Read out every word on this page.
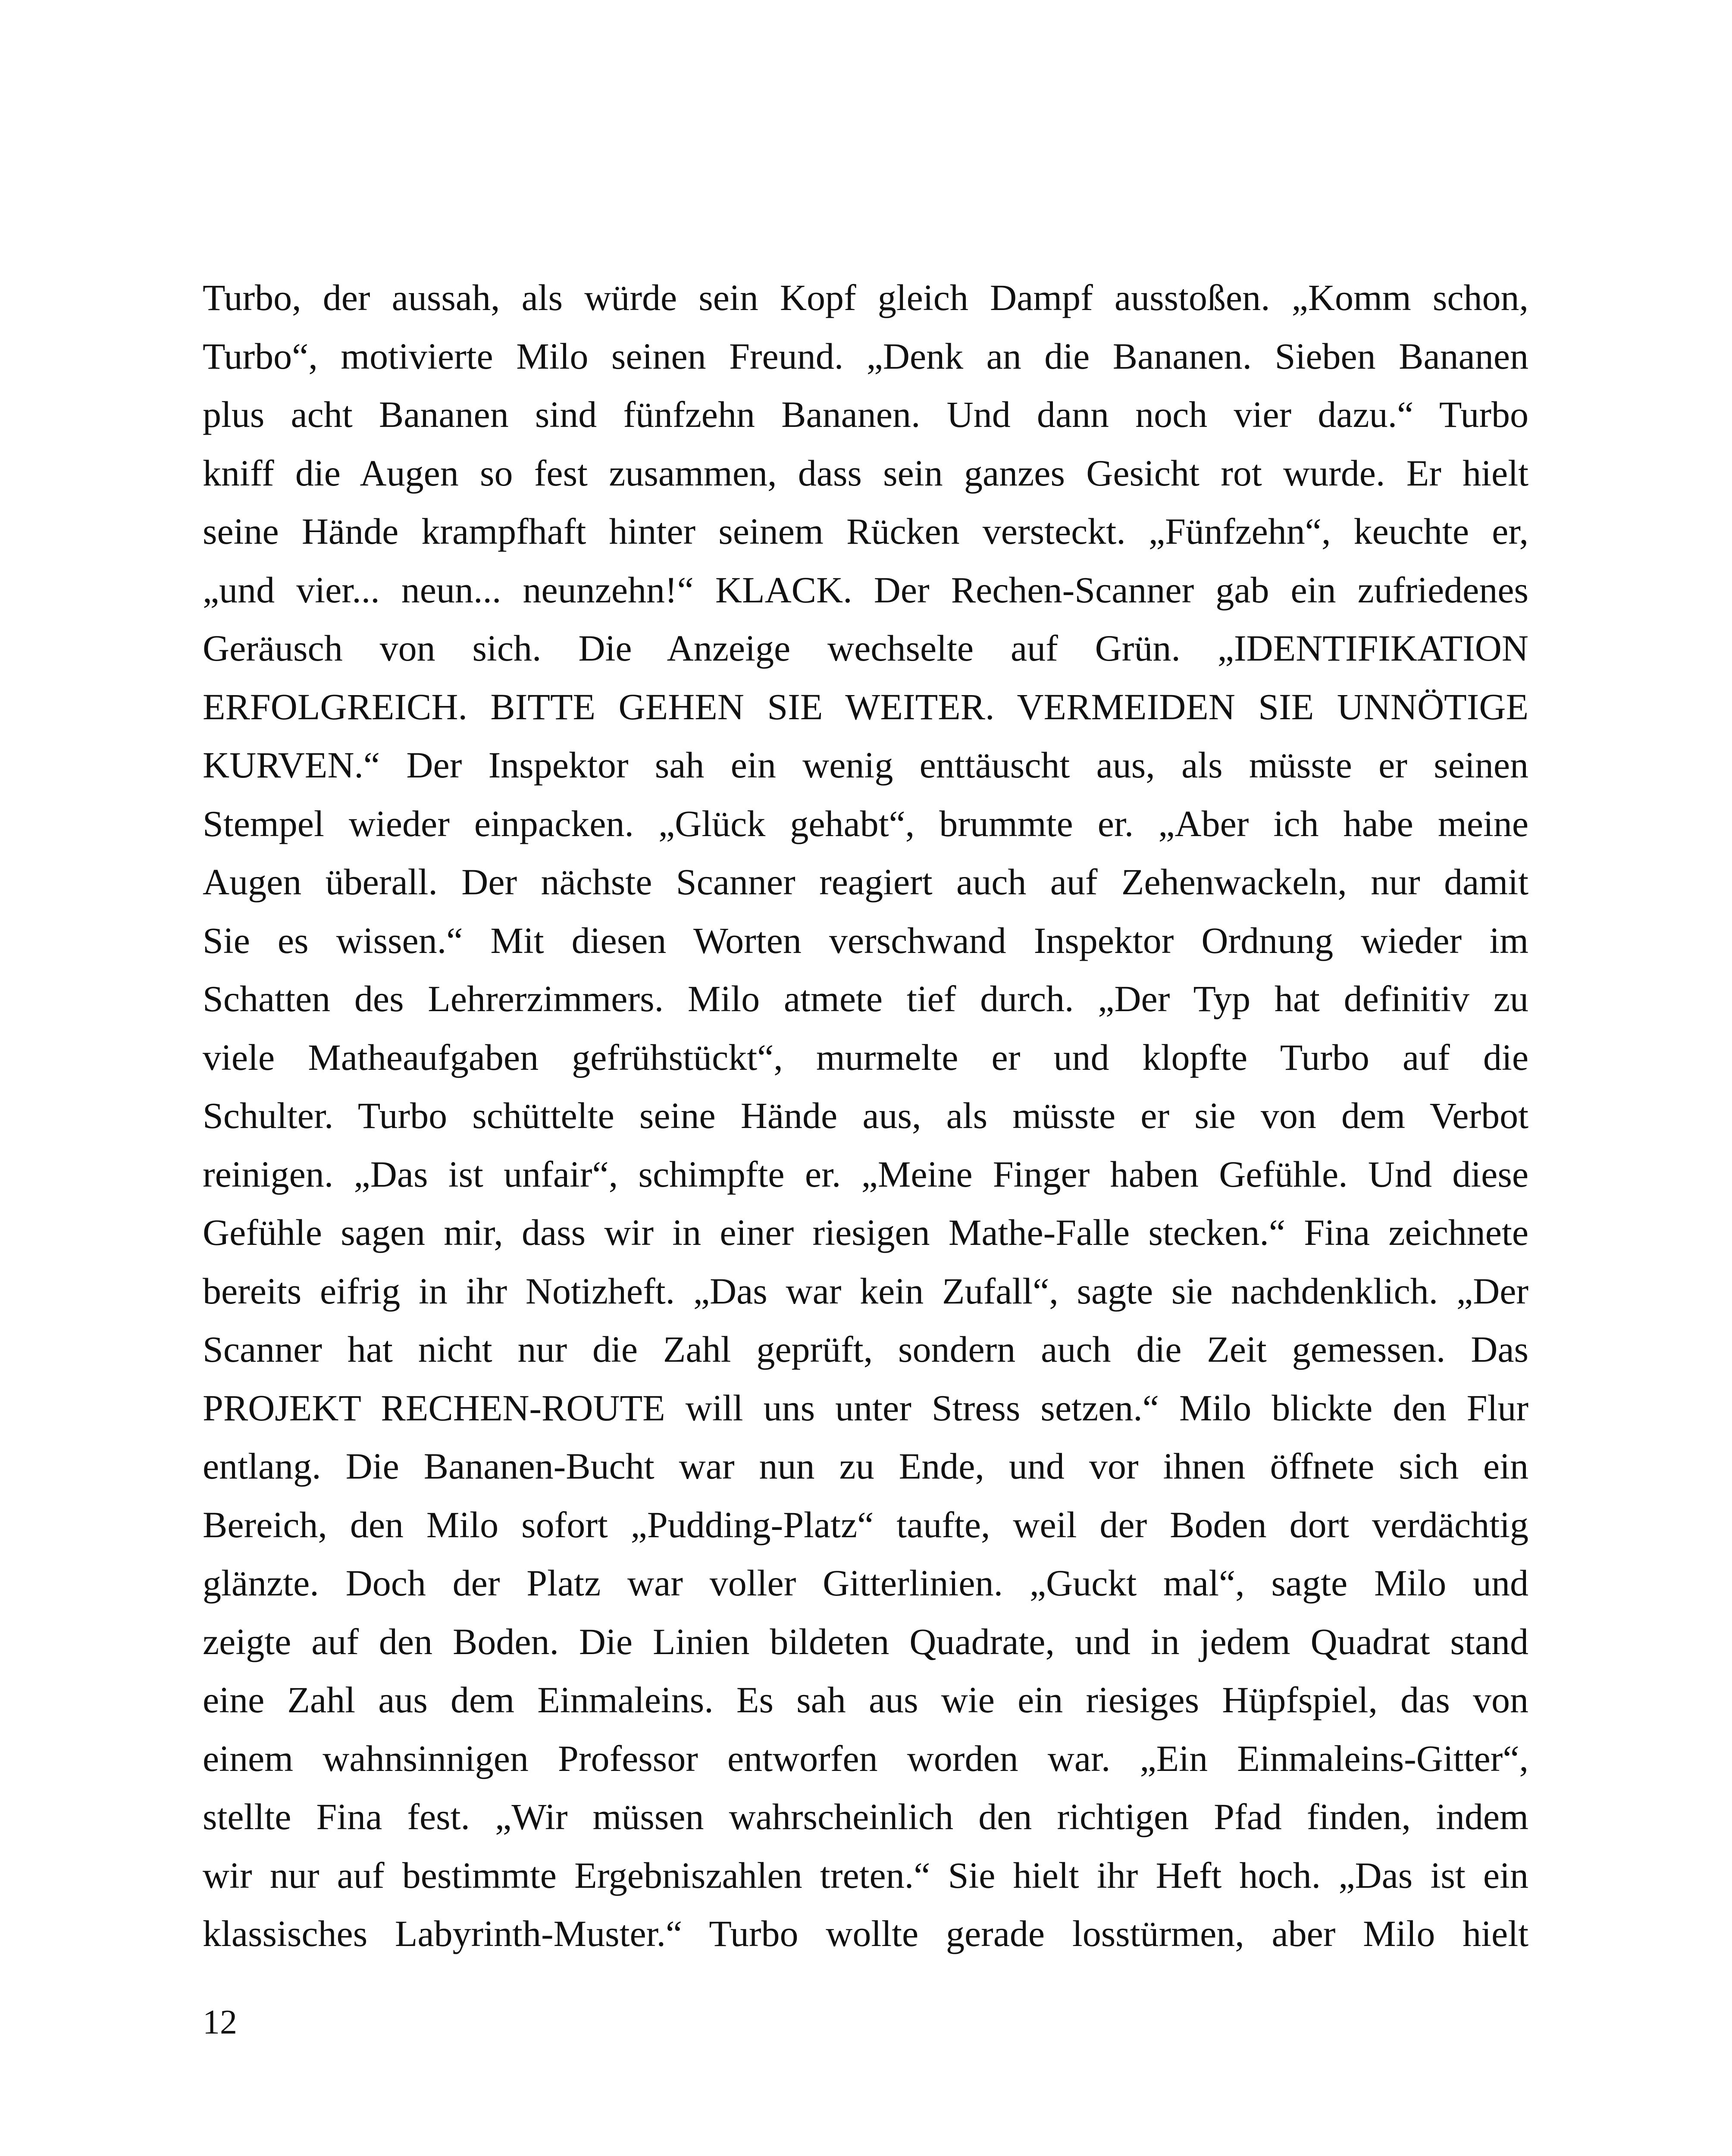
Turbo, der aussah, als würde sein Kopf gleich Dampf ausstoßen. „Komm schon,
Turbo“, motivierte Milo seinen Freund. „Denk an die Bananen. Sieben Bananen
plus acht Bananen sind fünfzehn Bananen. Und dann noch vier dazu.“ Turbo
kniff die Augen so fest zusammen, dass sein ganzes Gesicht rot wurde. Er hielt
seine Hände krampfhaft hinter seinem Rücken versteckt. „Fünfzehn“, keuchte er,
„und vier... neun... neunzehn!“ KLACK. Der Rechen-Scanner gab ein zufriedenes
Geräusch von sich. Die Anzeige wechselte auf Grün. „IDENTIFIKATION
ERFOLGREICH. BITTE GEHEN SIE WEITER. VERMEIDEN SIE UNNÖTIGE
KURVEN.“ Der Inspektor sah ein wenig enttäuscht aus, als müsste er seinen
Stempel wieder einpacken. „Glück gehabt“, brummte er. „Aber ich habe meine
Augen überall. Der nächste Scanner reagiert auch auf Zehenwackeln, nur damit
Sie es wissen.“ Mit diesen Worten verschwand Inspektor Ordnung wieder im
Schatten des Lehrerzimmers. Milo atmete tief durch. „Der Typ hat definitiv zu
viele Matheaufgaben gefrühstückt“, murmelte er und klopfte Turbo auf die
Schulter. Turbo schüttelte seine Hände aus, als müsste er sie von dem Verbot
reinigen. „Das ist unfair“, schimpfte er. „Meine Finger haben Gefühle. Und diese
Gefühle sagen mir, dass wir in einer riesigen Mathe-Falle stecken.“ Fina zeichnete
bereits eifrig in ihr Notizheft. „Das war kein Zufall“, sagte sie nachdenklich. „Der
Scanner hat nicht nur die Zahl geprüft, sondern auch die Zeit gemessen. Das
PROJEKT RECHEN-ROUTE will uns unter Stress setzen.“ Milo blickte den Flur
entlang. Die Bananen-Bucht war nun zu Ende, und vor ihnen öffnete sich ein
Bereich, den Milo sofort „Pudding-Platz“ taufte, weil der Boden dort verdächtig
glänzte. Doch der Platz war voller Gitterlinien. „Guckt mal“, sagte Milo und
zeigte auf den Boden. Die Linien bildeten Quadrate, und in jedem Quadrat stand
eine Zahl aus dem Einmaleins. Es sah aus wie ein riesiges Hüpfspiel, das von
einem wahnsinnigen Professor entworfen worden war. „Ein Einmaleins-Gitter“,
stellte Fina fest. „Wir müssen wahrscheinlich den richtigen Pfad finden, indem
wir nur auf bestimmte Ergebniszahlen treten.“ Sie hielt ihr Heft hoch. „Das ist ein
klassisches Labyrinth-Muster.“ Turbo wollte gerade losstürmen, aber Milo hielt
12
